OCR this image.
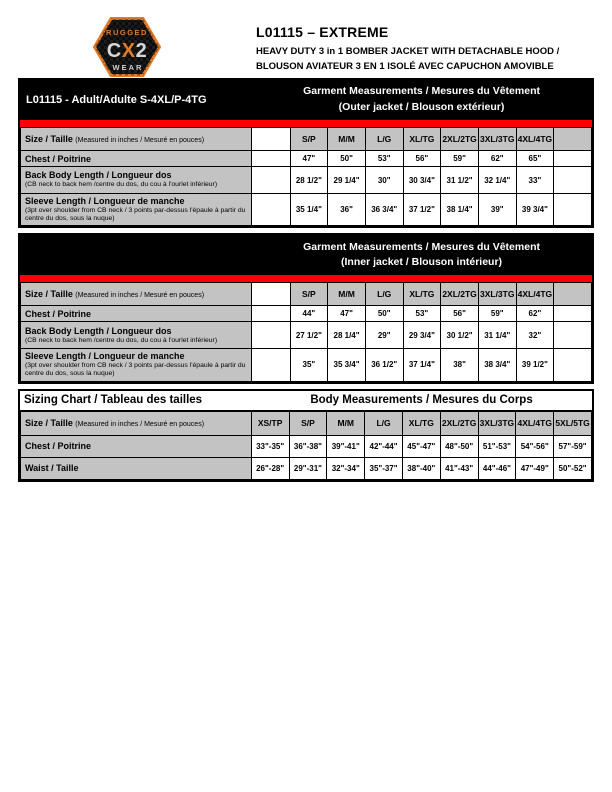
RUGGED
CX2
WEAR
L01115 – EXTREME
HEAVY DUTY 3 in 1 BOMBER JACKET WITH DETACHABLE HOOD /
BLOUSON AVIATEUR 3 EN 1 ISOLÉ AVEC CAPUCHON AMOVIBLE
L01115 - Adult/Adulte S-4XL/P-4TG
Garment Measurements / Mesures du Vêtement
(Outer jacket / Blouson extérieur)
Size / Taille (Measured in inches / Mesuré en pouces)		S/P	M/M	L/G	XL/TG	2XL/2TG	3XL/3TG	4XL/4TG	
Chest / Poitrine		47"	50"	53"	56"	59"	62"	65"	

Back Body Length / Longueur dos
(CB neck to back hem /centre du dos, du cou à l'ourlet inférieur)		28 1/2"	29 1/4"	30"	30 3/4"	31 1/2"	32 1/4"	33"	

Sleeve Length / Longueur de manche
(3pt over shoulder from CB neck / 3 points par-dessus l'épaule à partir du centre du dos, sous la nuque)		35 1/4"	36"	36 3/4"	37 1/2"	38 1/4"	39"	39 3/4"	
Garment Measurements / Mesures du Vêtement
(Inner jacket / Blouson intérieur)
Size / Taille (Measured in inches / Mesuré en pouces)		S/P	M/M	L/G	XL/TG	2XL/2TG	3XL/3TG	4XL/4TG	
Chest / Poitrine		44"	47"	50"	53"	56"	59"	62"	

Back Body Length / Longueur dos
(CB neck to back hem /centre du dos, du cou à l'ourlet inférieur)		27 1/2"	28 1/4"	29"	29 3/4"	30 1/2"	31 1/4"	32"	

Sleeve Length / Longueur de manche
(3pt over shoulder from CB neck / 3 points par-dessus l'épaule à partir du centre du dos, sous la nuque)		35"	35 3/4"	36 1/2"	37 1/4"	38"	38 3/4"	39 1/2"	
Sizing Chart / Tableau des tailles	Body Measurements / Mesures du Corps
Size / Taille (Measured in inches / Mesuré en pouces)	XS/TP	S/P	M/M	L/G	XL/TG	2XL/2TG	3XL/3TG	4XL/4TG	5XL/5TG
Chest / Poitrine	33"-35"	36"-38"	39"-41"	42"-44"	45"-47"	48"-50"	51"-53"	54"-56"	57"-59"
Waist / Taille	26"-28"	29"-31"	32"-34"	35"-37"	38"-40"	41"-43"	44"-46"	47"-49"	50"-52"
